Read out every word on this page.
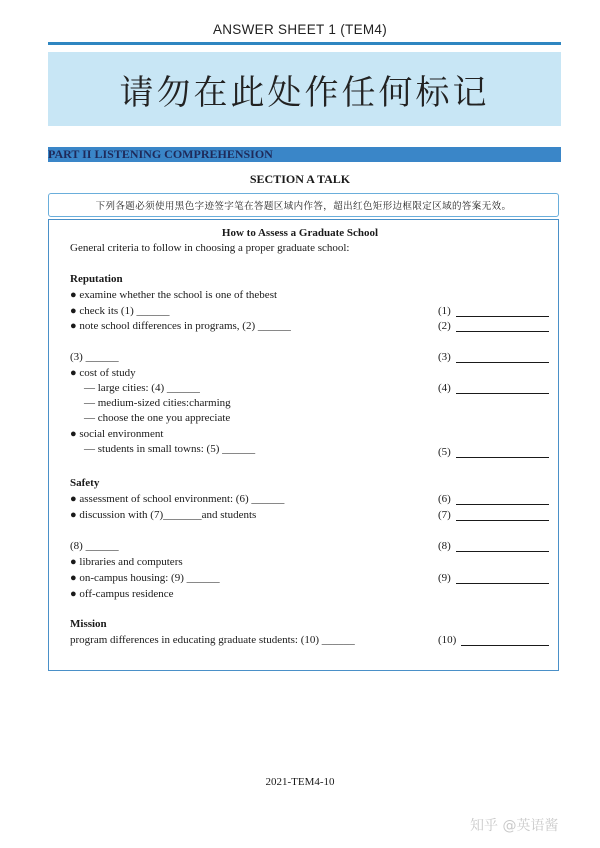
ANSWER SHEET 1 (TEM4)
请勿在此处作任何标记
PART II LISTENING COMPREHENSION
SECTION A TALK
下列各题必须使用黑色字迹签字笔在答题区域内作答，超出红色矩形边框限定区域的答案无效。
How to Assess a Graduate School
General criteria to follow in choosing a proper graduate school:
Reputation
● examine whether the school is one of thebest
● check its (1) ______
● note school differences in programs, (2) ______
(3) ______
● cost of study
— large cities: (4) ______
— medium-sized cities:charming
— choose the one you appreciate
● social environment
— students in small towns: (5) ______
Safety
● assessment of school environment: (6) ______
● discussion with (7)_______and students
(8) ______
● libraries and computers
● on-campus housing: (9) ______
● off-campus residence
Mission
program differences in educating graduate students: (10) ______
(1)
(2)
(3)
(4)
(5)
(6)
(7)
(8)
(9)
(10)
2021-TEM4-10
知乎 @英语酱
